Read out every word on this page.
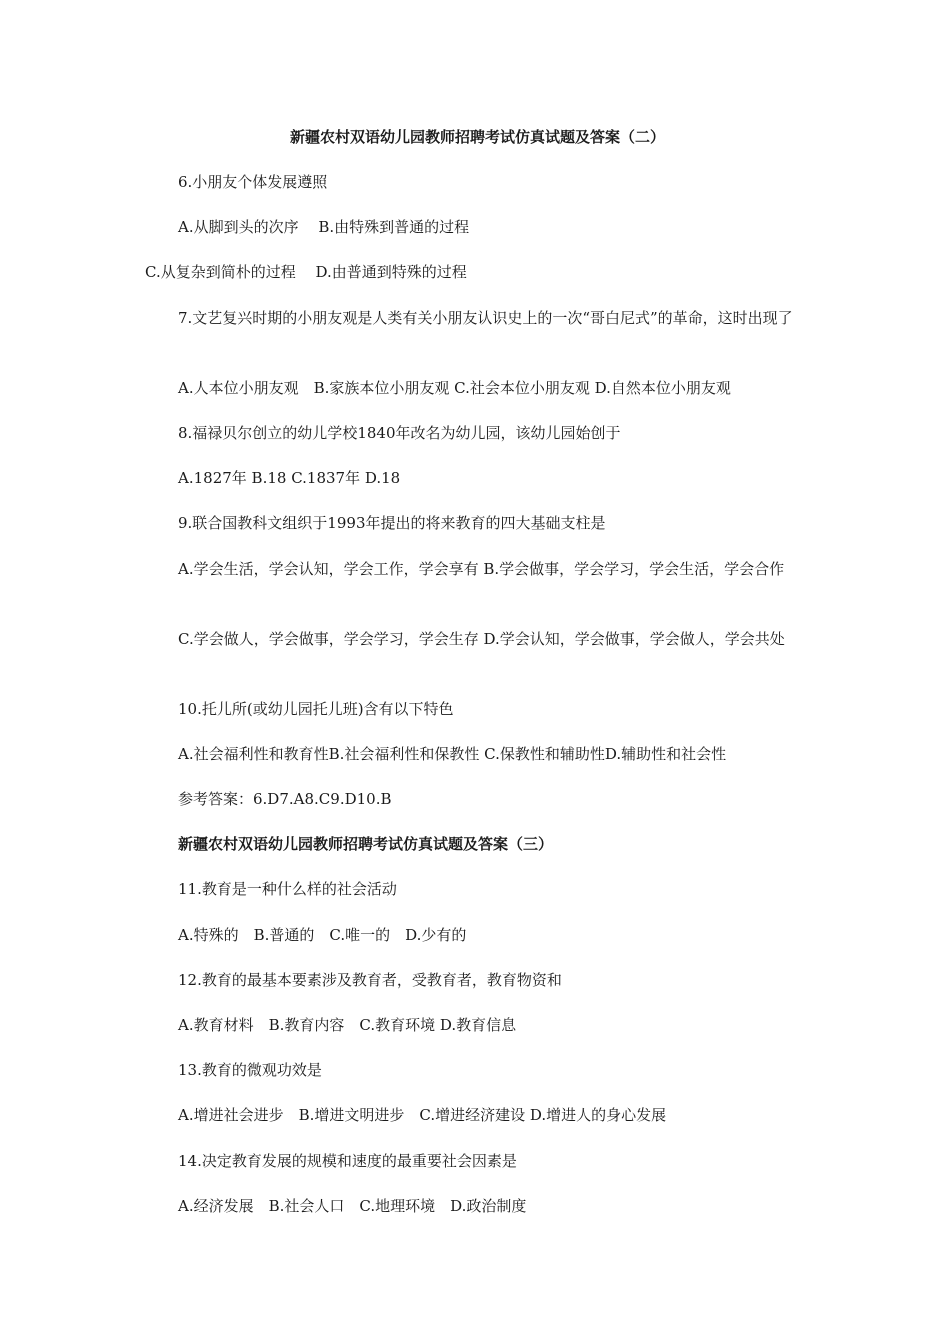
新疆农村双语幼儿园教师招聘考试仿真试题及答案（二）
6.小朋友个体发展遵照
A.从脚到头的次序　 B.由特殊到普通的过程
C.从复杂到简朴的过程　 D.由普通到特殊的过程
7.文艺复兴时期的小朋友观是人类有关小朋友认识史上的一次“哥白尼式”的革命，这时出现了
A.人本位小朋友观　B.家族本位小朋友观 C.社会本位小朋友观 D.自然本位小朋友观
8.福禄贝尔创立的幼儿学校1840年改名为幼儿园，该幼儿园始创于
A.1827年 B.18 C.1837年 D.18
9.联合国教科文组织于1993年提出的将来教育的四大基础支柱是
A.学会生活，学会认知，学会工作，学会享有 B.学会做事，学会学习，学会生活，学会合作
C.学会做人，学会做事，学会学习，学会生存 D.学会认知，学会做事，学会做人，学会共处
10.托儿所(或幼儿园托儿班)含有以下特色
A.社会福利性和教育性B.社会福利性和保教性 C.保教性和辅助性D.辅助性和社会性
参考答案：6.D7.A8.C9.D10.B
新疆农村双语幼儿园教师招聘考试仿真试题及答案（三）
11.教育是一种什么样的社会活动
A.特殊的　B.普通的　C.唯一的　D.少有的
12.教育的最基本要素涉及教育者，受教育者，教育物资和
A.教育材料　B.教育内容　C.教育环境 D.教育信息
13.教育的微观功效是
A.增进社会进步　B.增进文明进步　C.增进经济建设 D.增进人的身心发展
14.决定教育发展的规模和速度的最重要社会因素是
A.经济发展　B.社会人口　C.地理环境　D.政治制度
